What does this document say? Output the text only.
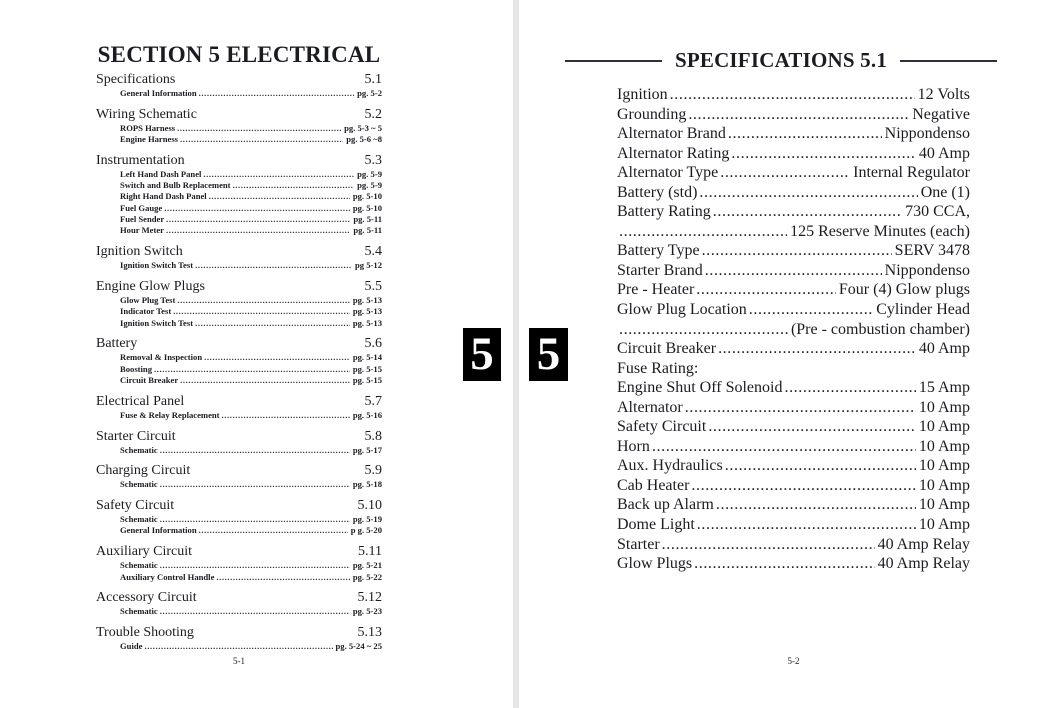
SECTION 5 ELECTRICAL
Specifications	5.1
General Information .....	pg. 5-2
Wiring Schematic	5.2
ROPS Harness .....	pg. 5-3 ~ 5
Engine Harness .....	pg. 5-6 ~8
Instrumentation	5.3
Left Hand Dash Panel .....	pg. 5-9
Switch and Bulb Replacement .....	pg. 5-9
Right Hand Dash Panel .....	pg. 5-10
Fuel Gauge .....	pg. 5-10
Fuel Sender .....	pg. 5-11
Hour Meter .....	pg. 5-11
Ignition Switch	5.4
Ignition Switch Test .....	pg 5-12
Engine Glow Plugs	5.5
Glow Plug Test .....	pg. 5-13
Indicator Test .....	pg. 5-13
Ignition Switch Test .....	pg. 5-13
Battery	5.6
Removal & Inspection .....	pg. 5-14
Boosting .....	pg. 5-15
Circuit Breaker .....	pg. 5-15
Electrical Panel	5.7
Fuse & Relay Replacement .....	pg. 5-16
Starter Circuit	5.8
Schematic .....	pg. 5-17
Charging Circuit	5.9
Schematic .....	pg. 5-18
Safety Circuit	5.10
Schematic .....	pg. 5-19
General Information .....	p g. 5-20
Auxiliary Circuit	5.11
Schematic .....	pg. 5-21
Auxiliary Control Handle .....	pg. 5-22
Accessory Circuit	5.12
Schematic .....	pg. 5-23
Trouble Shooting	5.13
Guide .....	pg. 5-24 ~ 25
5-1
5 5
SPECIFICATIONS 5.1
Ignition .....	12 Volts
Grounding .....	Negative
Alternator Brand .....	Nippondenso
Alternator Rating .....	40 Amp
Alternator Type .....	Internal Regulator
Battery (std) .....	One (1)
Battery Rating .....	730 CCA,
.....
125 Reserve Minutes (each)
Battery Type .....	SERV 3478
Starter Brand .....	Nippondenso
Pre - Heater .....	Four (4) Glow plugs
Glow Plug Location .....	Cylinder Head
.....
(Pre - combustion chamber)
Circuit Breaker .....	40 Amp
Fuse Rating:
Engine Shut Off Solenoid .....	15 Amp
Alternator .....	10 Amp
Safety Circuit .....	10 Amp
Horn .....	10 Amp
Aux. Hydraulics .....	10 Amp
Cab Heater .....	10 Amp
Back up Alarm .....	10 Amp
Dome Light .....	10 Amp
Starter .....	40 Amp Relay
Glow Plugs .....	40 Amp Relay
5-2
